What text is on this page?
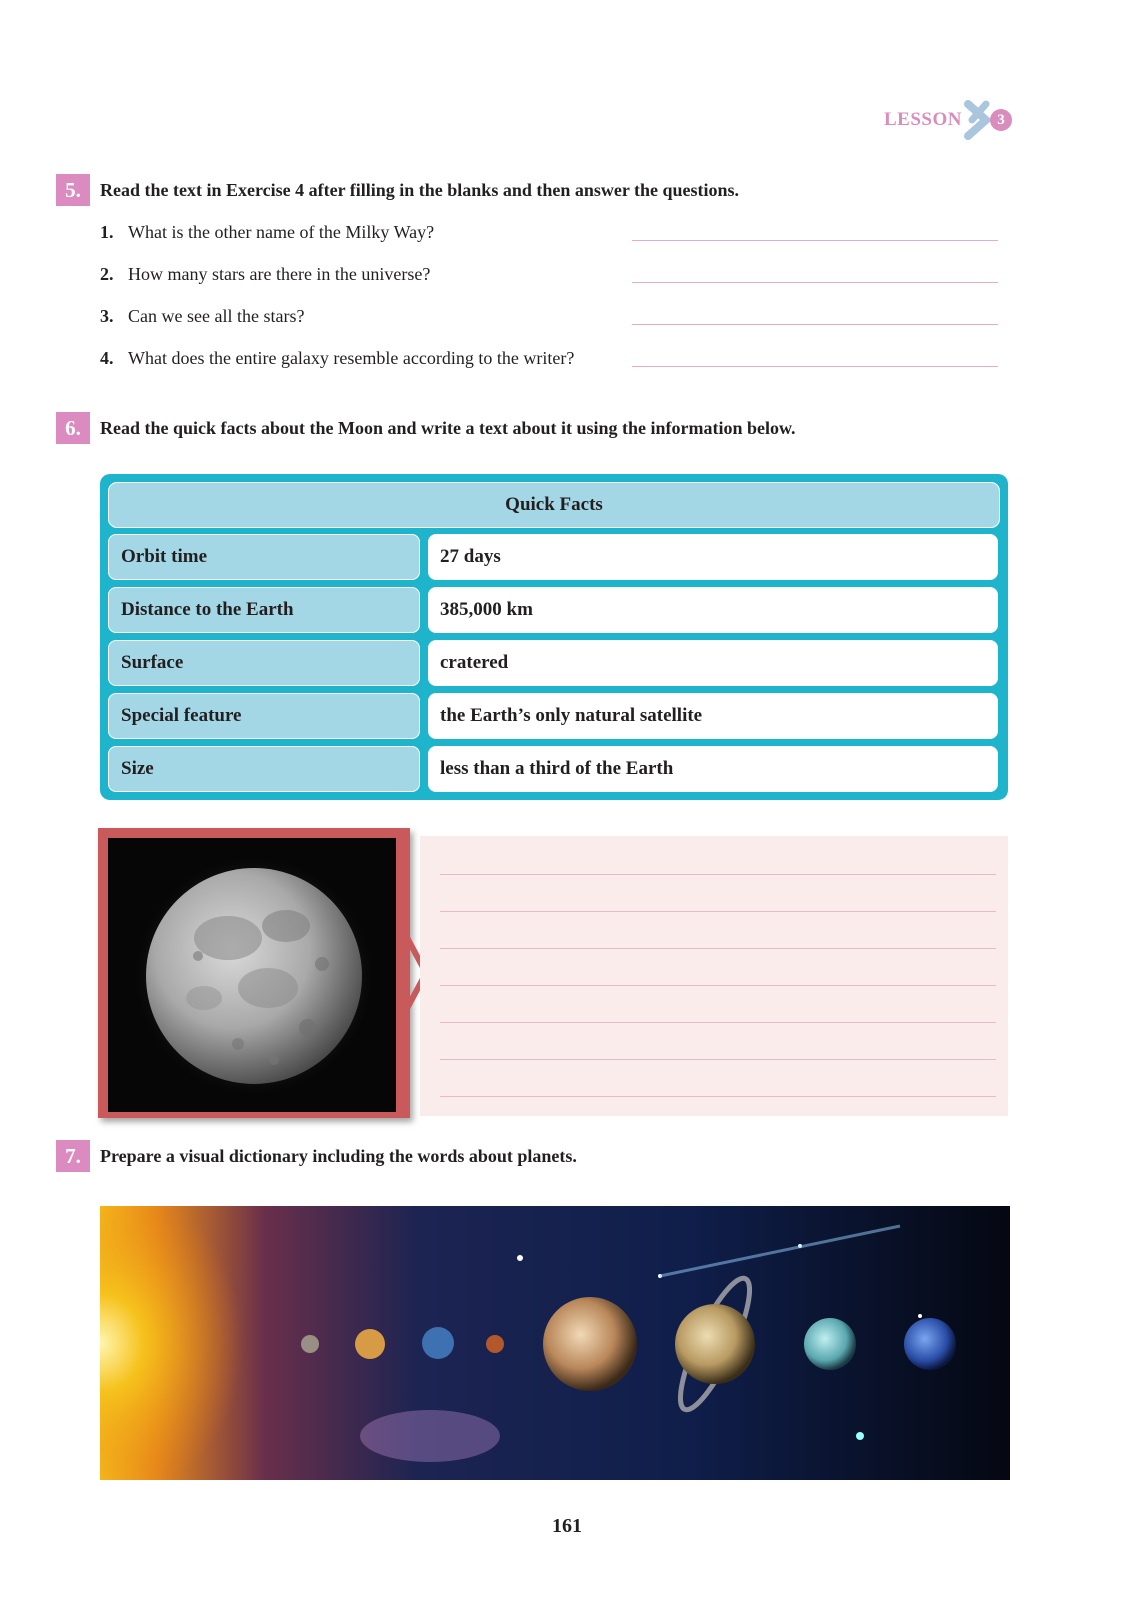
LESSON	3
5.	Read the text in Exercise 4 after filling in the blanks and then answer the questions.
1. What is the other name of the Milky Way?
2. How many stars are there in the universe?
3. Can we see all the stars?
4. What does the entire galaxy resemble according to the writer?
6.	Read the quick facts about the Moon and write a text about it using the information below.
Quick Facts
Orbit time	27 days
Distance to the Earth	385,000 km
Surface	cratered
Special feature	the Earth’s only natural satellite
Size	less than a third of the Earth
7.	Prepare a visual dictionary including the words about planets.
161
